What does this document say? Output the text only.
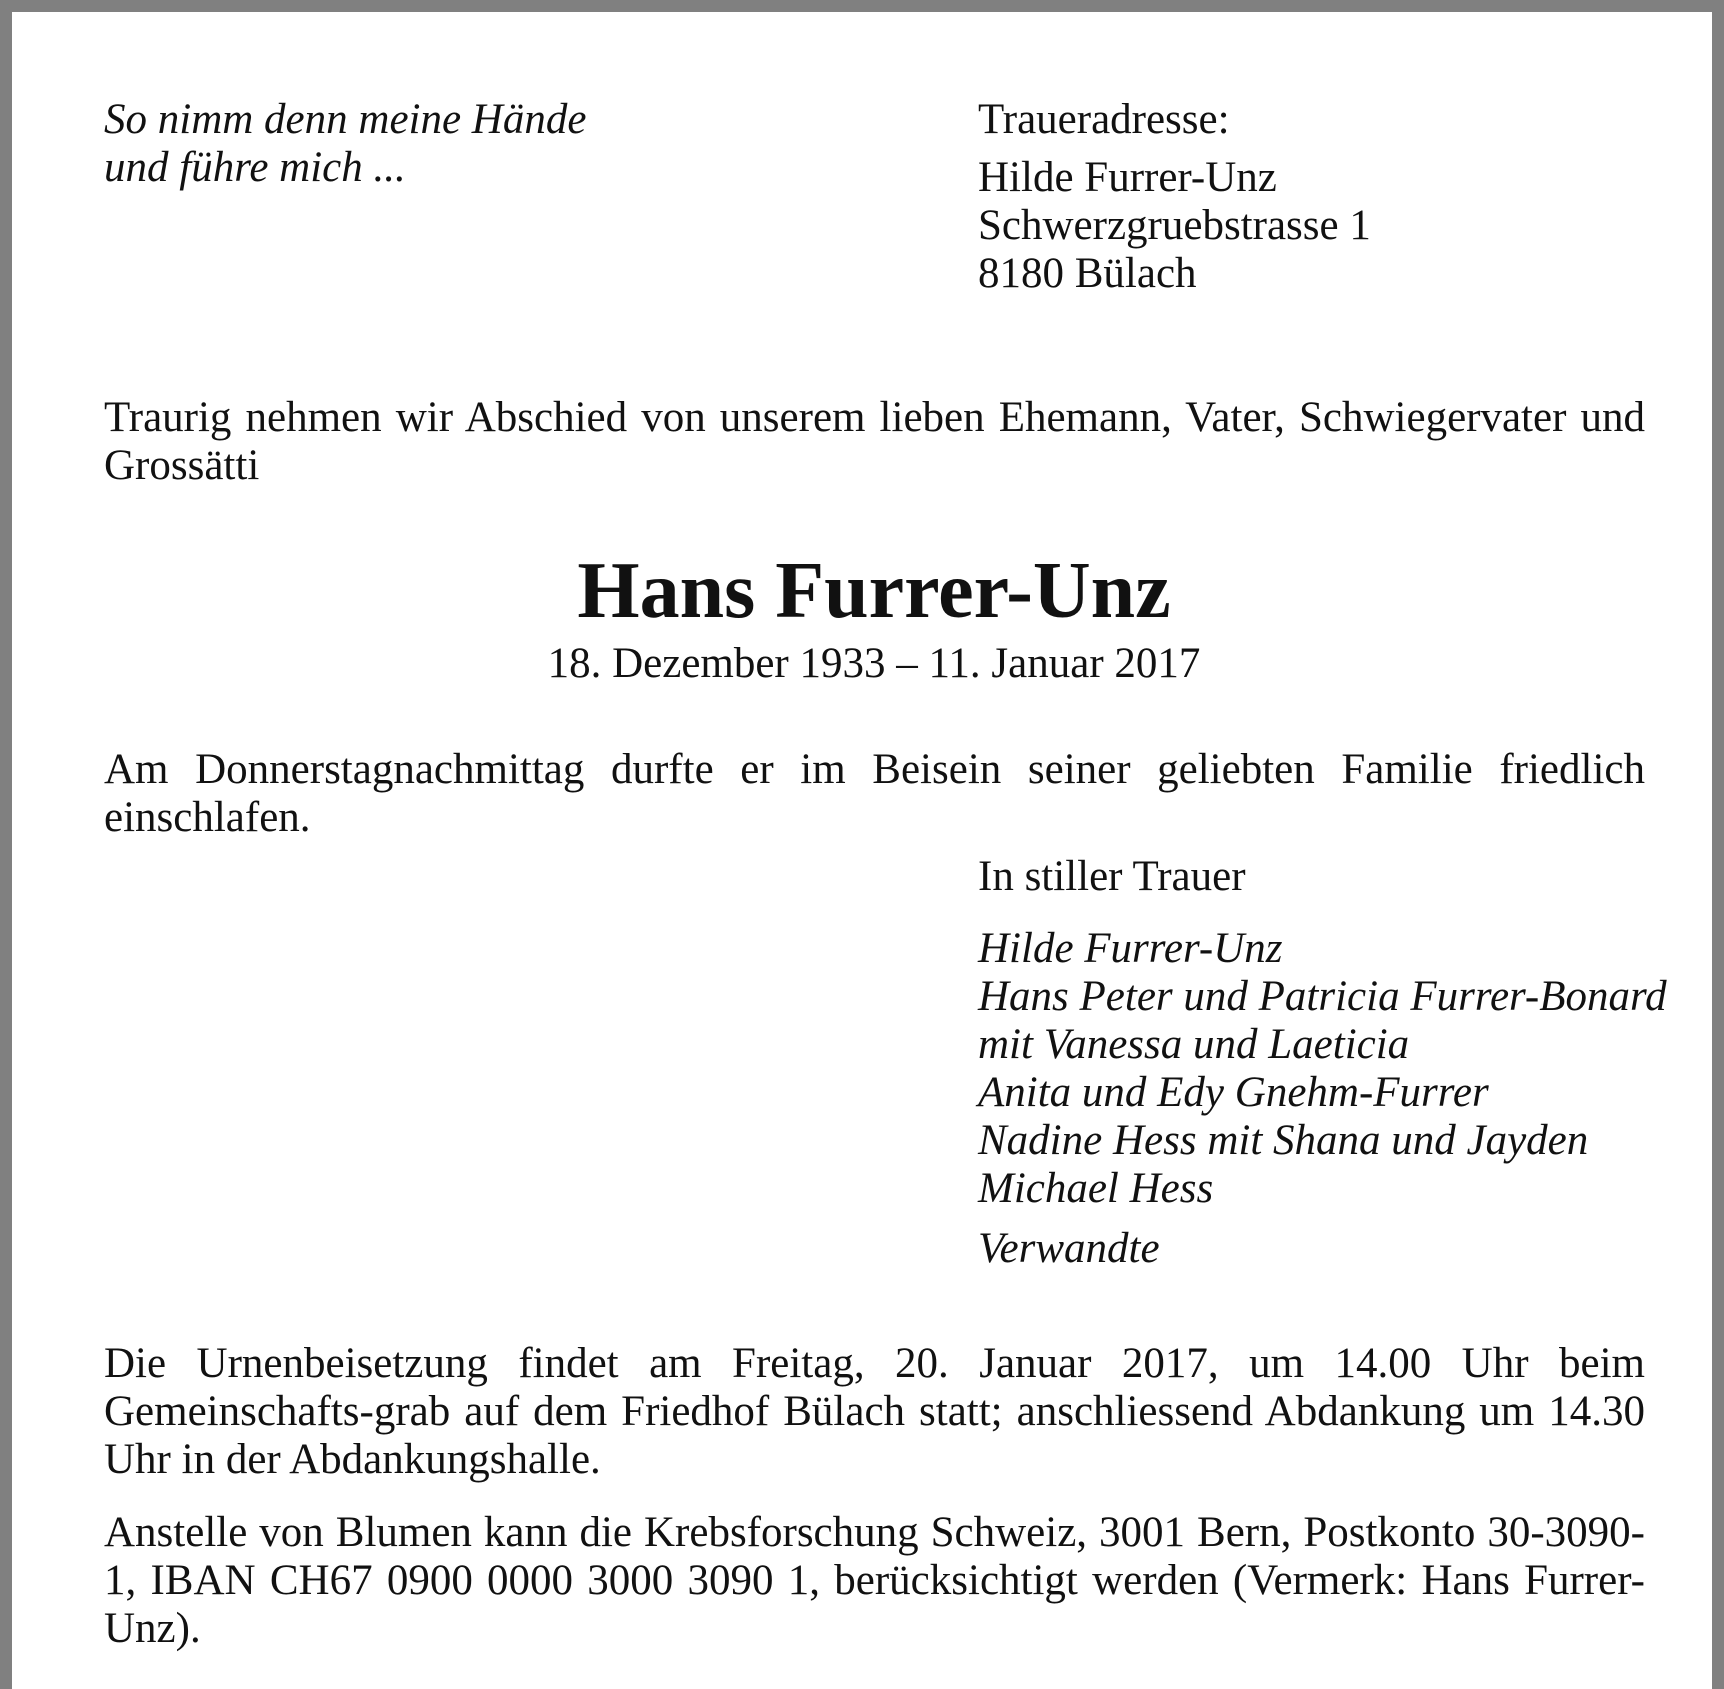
So nimm denn meine Hände
und führe mich ...
Traueradresse:
Hilde Furrer-Unz
Schwerzgruebstrasse 1
8180 Bülach
Traurig nehmen wir Abschied von unserem lieben Ehemann, Vater, Schwiegervater und Grossätti
Hans Furrer-Unz
18. Dezember 1933 – 11. Januar 2017
Am Donnerstagnachmittag durfte er im Beisein seiner geliebten Familie friedlich einschlafen.
In stiller Trauer
Hilde Furrer-Unz
Hans Peter und Patricia Furrer-Bonard
mit Vanessa und Laeticia
Anita und Edy Gnehm-Furrer
Nadine Hess mit Shana und Jayden
Michael Hess
Verwandte
Die Urnenbeisetzung findet am Freitag, 20. Januar 2017, um 14.00 Uhr beim Gemeinschafts-grab auf dem Friedhof Bülach statt; anschliessend Abdankung um 14.30 Uhr in der Abdankungshalle.
Anstelle von Blumen kann die Krebsforschung Schweiz, 3001 Bern, Postkonto 30-3090-1, IBAN CH67 0900 0000 3000 3090 1, berücksichtigt werden (Vermerk: Hans Furrer-Unz).
